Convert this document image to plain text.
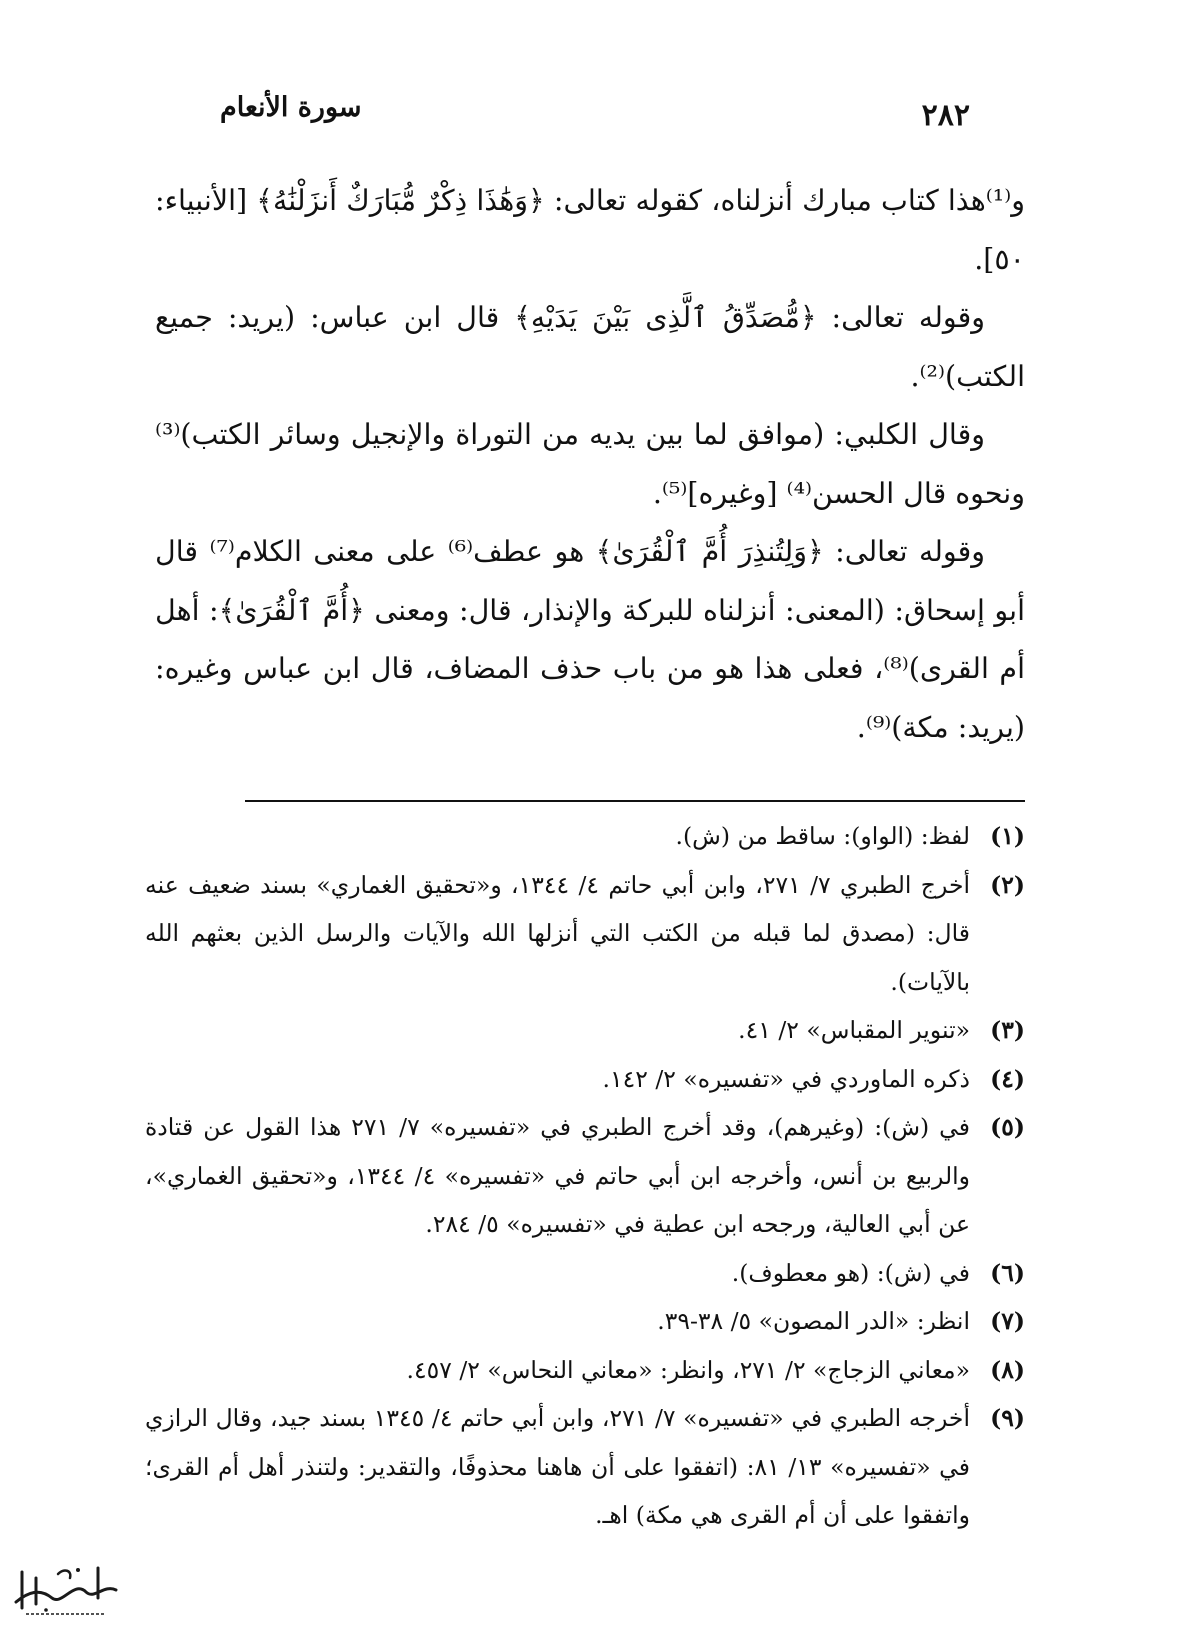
سورة الأنعام	٢٨٢

و⁽¹⁾هذا كتاب مبارك أنزلناه، كقوله تعالى: ﴿وَهَٰذَا ذِكْرٌ مُّبَارَكٌ أَنزَلْنَٰهُ﴾ [الأنبياء: ٥٠].

وقوله تعالى: ﴿مُّصَدِّقُ ٱلَّذِى بَيْنَ يَدَيْهِ﴾ قال ابن عباس: (يريد: جميع الكتب)⁽²⁾.

وقال الكلبي: (موافق لما بين يديه من التوراة والإنجيل وسائر الكتب)⁽³⁾ ونحوه قال الحسن⁽⁴⁾ [وغيره]⁽⁵⁾.

وقوله تعالى: ﴿وَلِتُنذِرَ أُمَّ ٱلْقُرَىٰ﴾ هو عطف⁽⁶⁾ على معنى الكلام⁽⁷⁾ قال أبو إسحاق: (المعنى: أنزلناه للبركة والإنذار، قال: ومعنى ﴿أُمَّ ٱلْقُرَىٰ﴾: أهل أم القرى)⁽⁸⁾، فعلى هذا هو من باب حذف المضاف، قال ابن عباس وغيره: (يريد: مكة)⁽⁹⁾.

(١)
لفظ: (الواو): ساقط من (ش).
(٢)
أخرج الطبري ٧/ ٢٧١، وابن أبي حاتم ٤/ ١٣٤٤، و«تحقيق الغماري» بسند ضعيف عنه قال: (مصدق لما قبله من الكتب التي أنزلها الله والآيات والرسل الذين بعثهم الله بالآيات).
(٣)
«تنوير المقباس» ٢/ ٤١.
(٤)
ذكره الماوردي في «تفسيره» ٢/ ١٤٢.
(٥)
في (ش): (وغيرهم)، وقد أخرج الطبري في «تفسيره» ٧/ ٢٧١ هذا القول عن قتادة والربيع بن أنس، وأخرجه ابن أبي حاتم في «تفسيره» ٤/ ١٣٤٤، و«تحقيق الغماري»، عن أبي العالية، ورجحه ابن عطية في «تفسيره» ٥/ ٢٨٤.
(٦)
في (ش): (هو معطوف).
(٧)
انظر: «الدر المصون» ٥/ ٣٨-٣٩.
(٨)
«معاني الزجاج» ٢/ ٢٧١، وانظر: «معاني النحاس» ٢/ ٤٥٧.
(٩)
أخرجه الطبري في «تفسيره» ٧/ ٢٧١، وابن أبي حاتم ٤/ ١٣٤٥ بسند جيد، وقال الرازي في «تفسيره» ١٣/ ٨١: (اتفقوا على أن هاهنا محذوفًا، والتقدير: ولتنذر أهل أم القرى؛ واتفقوا على أن أم القرى هي مكة) اهـ.
